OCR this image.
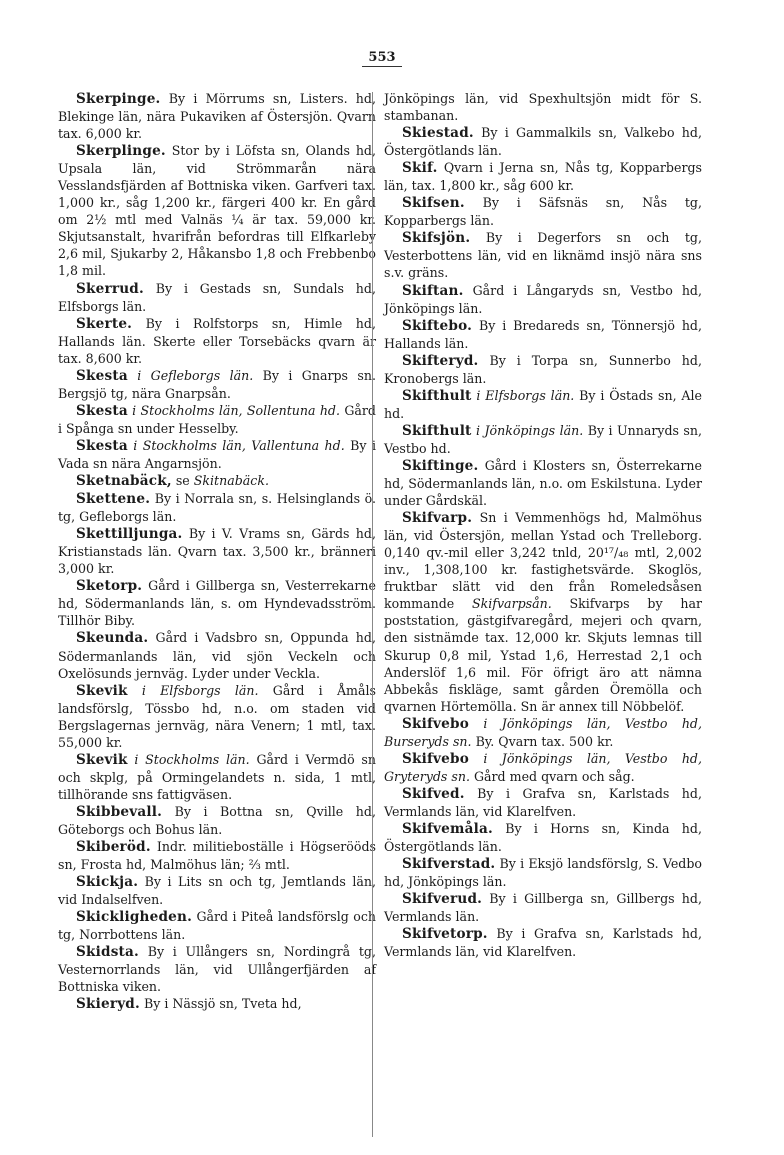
553

Skerpinge. By i Mörrums sn, Listers. hd, Blekinge län, nära Pukaviken af Östersjön. Qvarn tax. 6,000 kr.

Skerplinge. Stor by i Löfsta sn, Olands hd, Upsala län, vid Strömmarån nära Vesslandsfjärden af Bottniska viken. Garfveri tax. 1,000 kr., såg 1,200 kr., färgeri 400 kr. En gård om 2½ mtl med Valnäs ¼ är tax. 59,000 kr. Skjutsanstalt, hvarifrån befordras till Elfkarleby 2,6 mil, Sjukarby 2, Håkansbo 1,8 och Frebbenbo 1,8 mil.

Skerrud. By i Gestads sn, Sundals hd, Elfsborgs län.

Skerte. By i Rolfstorps sn, Himle hd, Hallands län. Skerte eller Torsebäcks qvarn är tax. 8,600 kr.

Skesta i Gefleborgs län. By i Gnarps sn. Bergsjö tg, nära Gnarpsån.

Skesta i Stockholms län, Sollentuna hd. Gård i Spånga sn under Hesselby.

Skesta i Stockholms län, Vallentuna hd. By i Vada sn nära Angarnsjön.

Sketnabäck, se Skitnabäck.

Skettene. By i Norrala sn, s. Helsinglands ö. tg, Gefleborgs län.

Skettilljunga. By i V. Vrams sn, Gärds hd, Kristianstads län. Qvarn tax. 3,500 kr., bränneri 3,000 kr.

Sketorp. Gård i Gillberga sn, Vesterrekarne hd, Södermanlands län, s. om Hyndevadsström. Tillhör Biby.

Skeunda. Gård i Vadsbro sn, Oppunda hd, Södermanlands län, vid sjön Veckeln och Oxelösunds jernväg. Lyder under Veckla.

Skevik i Elfsborgs län. Gård i Åmåls landsförslg, Tössbo hd, n.o. om staden vid Bergslagernas jernväg, nära Venern; 1 mtl, tax. 55,000 kr.

Skevik i Stockholms län. Gård i Vermdö sn och skplg, på Ormingelandets n. sida, 1 mtl, tillhörande sns fattigväsen.

Skibbevall. By i Bottna sn, Qville hd, Göteborgs och Bohus län.

Skiberöd. Indr. militieboställe i Högserööds sn, Frosta hd, Malmöhus län; ⅔ mtl.

Skickja. By i Lits sn och tg, Jemtlands län, vid Indalselfven.

Skickligheden. Gård i Piteå landsförslg och tg, Norrbottens län.

Skidsta. By i Ullångers sn, Nordingrå tg, Vesternorrlands län, vid Ullångerfjärden af Bottniska viken.

Skieryd. By i Nässjö sn, Tveta hd,

Jönköpings län, vid Spexhultsjön midt för S. stambanan.

Skiestad. By i Gammalkils sn, Valkebo hd, Östergötlands län.

Skif. Qvarn i Jerna sn, Nås tg, Kopparbergs län, tax. 1,800 kr., såg 600 kr.

Skifsen. By i Säfsnäs sn, Nås tg, Kopparbergs län.

Skifsjön. By i Degerfors sn och tg, Vesterbottens län, vid en liknämd insjö nära sns s.v. gräns.

Skiftan. Gård i Långaryds sn, Vestbo hd, Jönköpings län.

Skiftebo. By i Bredareds sn, Tönnersjö hd, Hallands län.

Skifteryd. By i Torpa sn, Sunnerbo hd, Kronobergs län.

Skifthult i Elfsborgs län. By i Östads sn, Ale hd.

Skifthult i Jönköpings län. By i Unnaryds sn, Vestbo hd.

Skiftinge. Gård i Klosters sn, Österrekarne hd, Södermanlands län, n.o. om Eskilstuna. Lyder under Gårdskäl.

Skifvarp. Sn i Vemmenhögs hd, Malmöhus län, vid Östersjön, mellan Ystad och Trelleborg. 0,140 qv.-mil eller 3,242 tnld, 20¹⁷/₄₈ mtl, 2,002 inv., 1,308,100 kr. fastighetsvärde. Skoglös, fruktbar slätt vid den från Romeledsåsen kommande Skifvarpsån. Skifvarps by har poststation, gästgifvaregård, mejeri och qvarn, den sistnämde tax. 12,000 kr. Skjuts lemnas till Skurup 0,8 mil, Ystad 1,6, Herrestad 2,1 och Anderslöf 1,6 mil. För öfrigt äro att nämna Abbekås fiskläge, samt gården Öremölla och qvarnen Hörtemölla. Sn är annex till Nöbbelöf.

Skifvebo i Jönköpings län, Vestbo hd, Burseryds sn. By. Qvarn tax. 500 kr.

Skifvebo i Jönköpings län, Vestbo hd, Gryteryds sn. Gård med qvarn och såg.

Skifved. By i Grafva sn, Karlstads hd, Vermlands län, vid Klarelfven.

Skifvemåla. By i Horns sn, Kinda hd, Östergötlands län.

Skifverstad. By i Eksjö landsförslg, S. Vedbo hd, Jönköpings län.

Skifverud. By i Gillberga sn, Gillbergs hd, Vermlands län.

Skifvetorp. By i Grafva sn, Karlstads hd, Vermlands län, vid Klarelfven.
